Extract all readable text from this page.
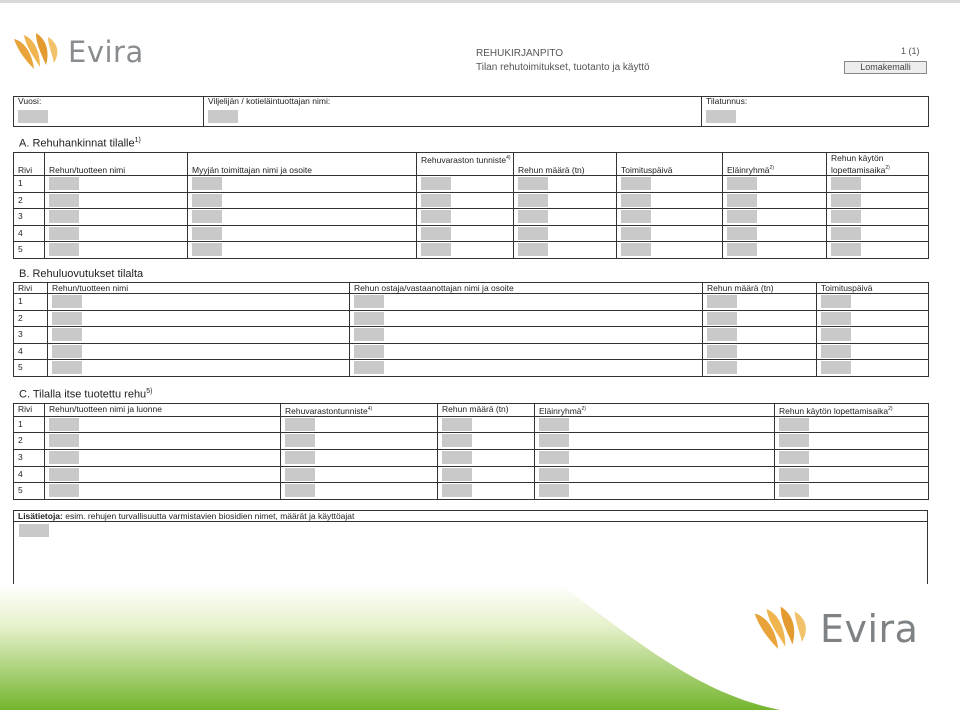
Evira	REHUKIRJANPITO
Tilan rehutoimitukset, tuotanto ja käyttö
1 (1)
Lomakemalli
Vuosi:	Viljelijän / kotieläintuottajan nimi:	Tilatunnus:

A. Rehuhankinnat tilalle$^{1)}$
Rivi	Rehun/tuotteen nimi	Myyjän toimittajan nimi ja osoite	Rehuvaraston tunniste$^{4)}$	Rehun määrä (tn)	Toimituspäivä	Eläinryhmä$^{2)}$	Rehun käytön lopettamisaika$^{2)}$
1	

2	

3	

4	

5	

B. Rehuluovutukset tilalta
Rivi	Rehun/tuotteen nimi	Rehun ostaja/vastaanottajan nimi ja osoite	Rehun määrä (tn)	Toimituspäivä
1	

2	

3	

4	

5	

C. Tilalla itse tuotettu rehu$^{5)}$
Rivi	Rehun/tuotteen nimi ja luonne	Rehuvarastontunniste$^{4)}$	Rehun määrä (tn)	Eläinryhmä$^{2)}$	Rehun käytön lopettamisaika$^{2)}$
1	

2	

3	

4	

5	

Lisätietoja: esim. rehujen turvallisuutta varmistavien biosidien nimet, määrät ja käyttöajat
Evira
